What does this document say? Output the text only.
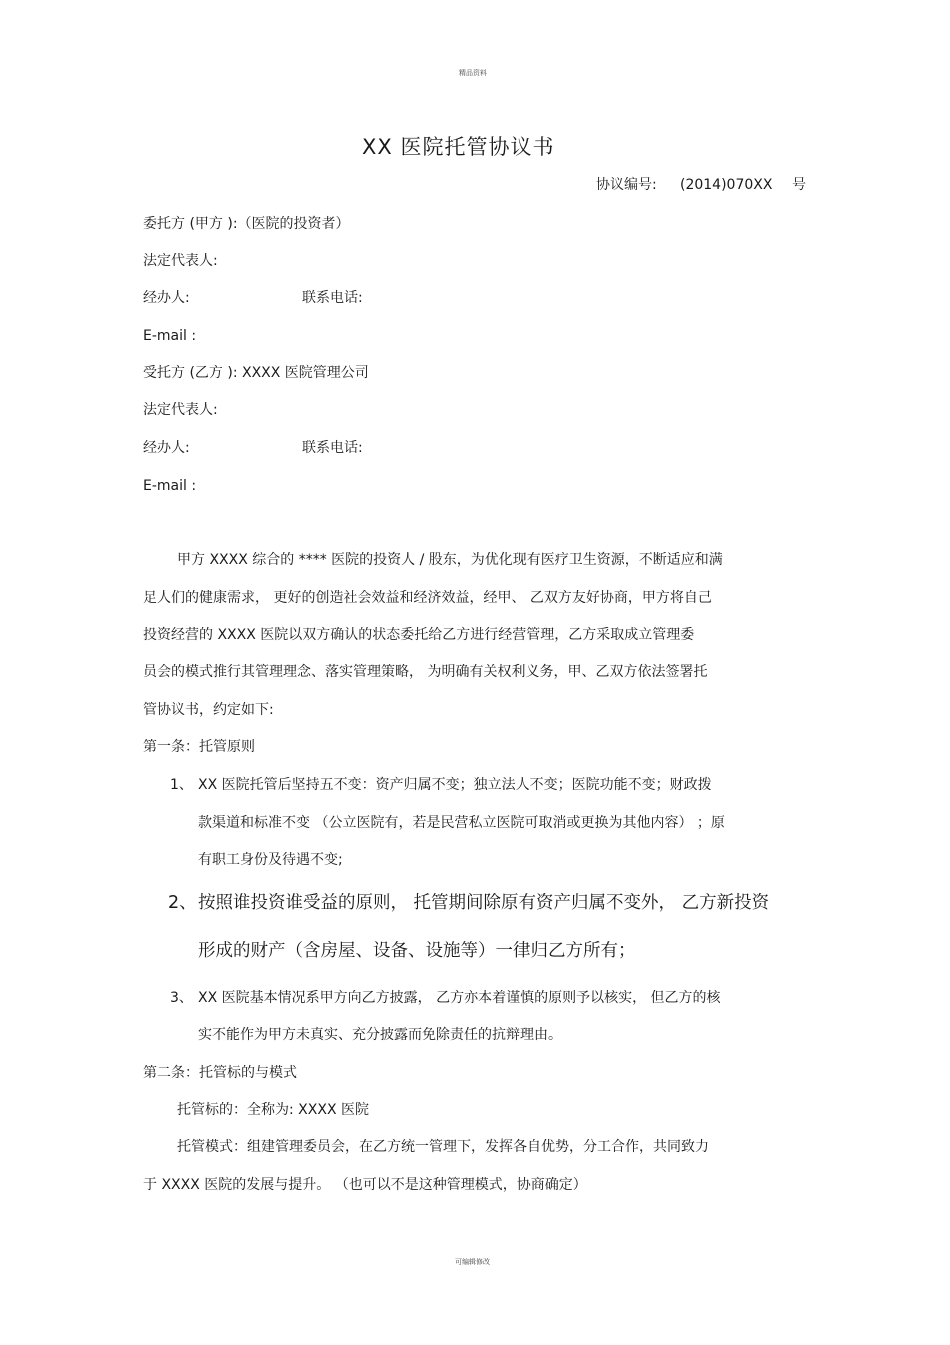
精品资料
XX 医院托管协议书
协议编号: (2014)070XX 号
委托方 (甲方 ):（医院的投资者）
法定代表人:
经办人:	联系电话:
E-mail :
受托方 (乙方 ): XXXX 医院管理公司
法定代表人:
经办人:	联系电话:
E-mail :
甲方 XXXX 综合的 **** 医院的投资人 / 股东，为优化现有医疗卫生资源，不断适应和满
足人们的健康需求， 更好的创造社会效益和经济效益，经甲、 乙双方友好协商，甲方将自己
投资经营的 XXXX 医院以双方确认的状态委托给乙方进行经营管理，乙方采取成立管理委
员会的模式推行其管理理念、落实管理策略， 为明确有关权利义务，甲、乙双方依法签署托
管协议书，约定如下:
第一条：托管原则
1、 XX 医院托管后坚持五不变：资产归属不变；独立法人不变；医院功能不变；财政拨
款渠道和标准不变 （公立医院有，若是民营私立医院可取消或更换为其他内容） ；原
有职工身份及待遇不变;
2、 按照谁投资谁受益的原则， 托管期间除原有资产归属不变外， 乙方新投资
形成的财产（含房屋、设备、设施等）一律归乙方所有；
3、 XX 医院基本情况系甲方向乙方披露， 乙方亦本着谨慎的原则予以核实， 但乙方的核
实不能作为甲方未真实、充分披露而免除责任的抗辩理由。
第二条：托管标的与模式
托管标的：全称为: XXXX 医院
托管模式：组建管理委员会，在乙方统一管理下，发挥各自优势，分工合作，共同致力
于 XXXX 医院的发展与提升。 （也可以不是这种管理模式，协商确定）
可编辑修改
